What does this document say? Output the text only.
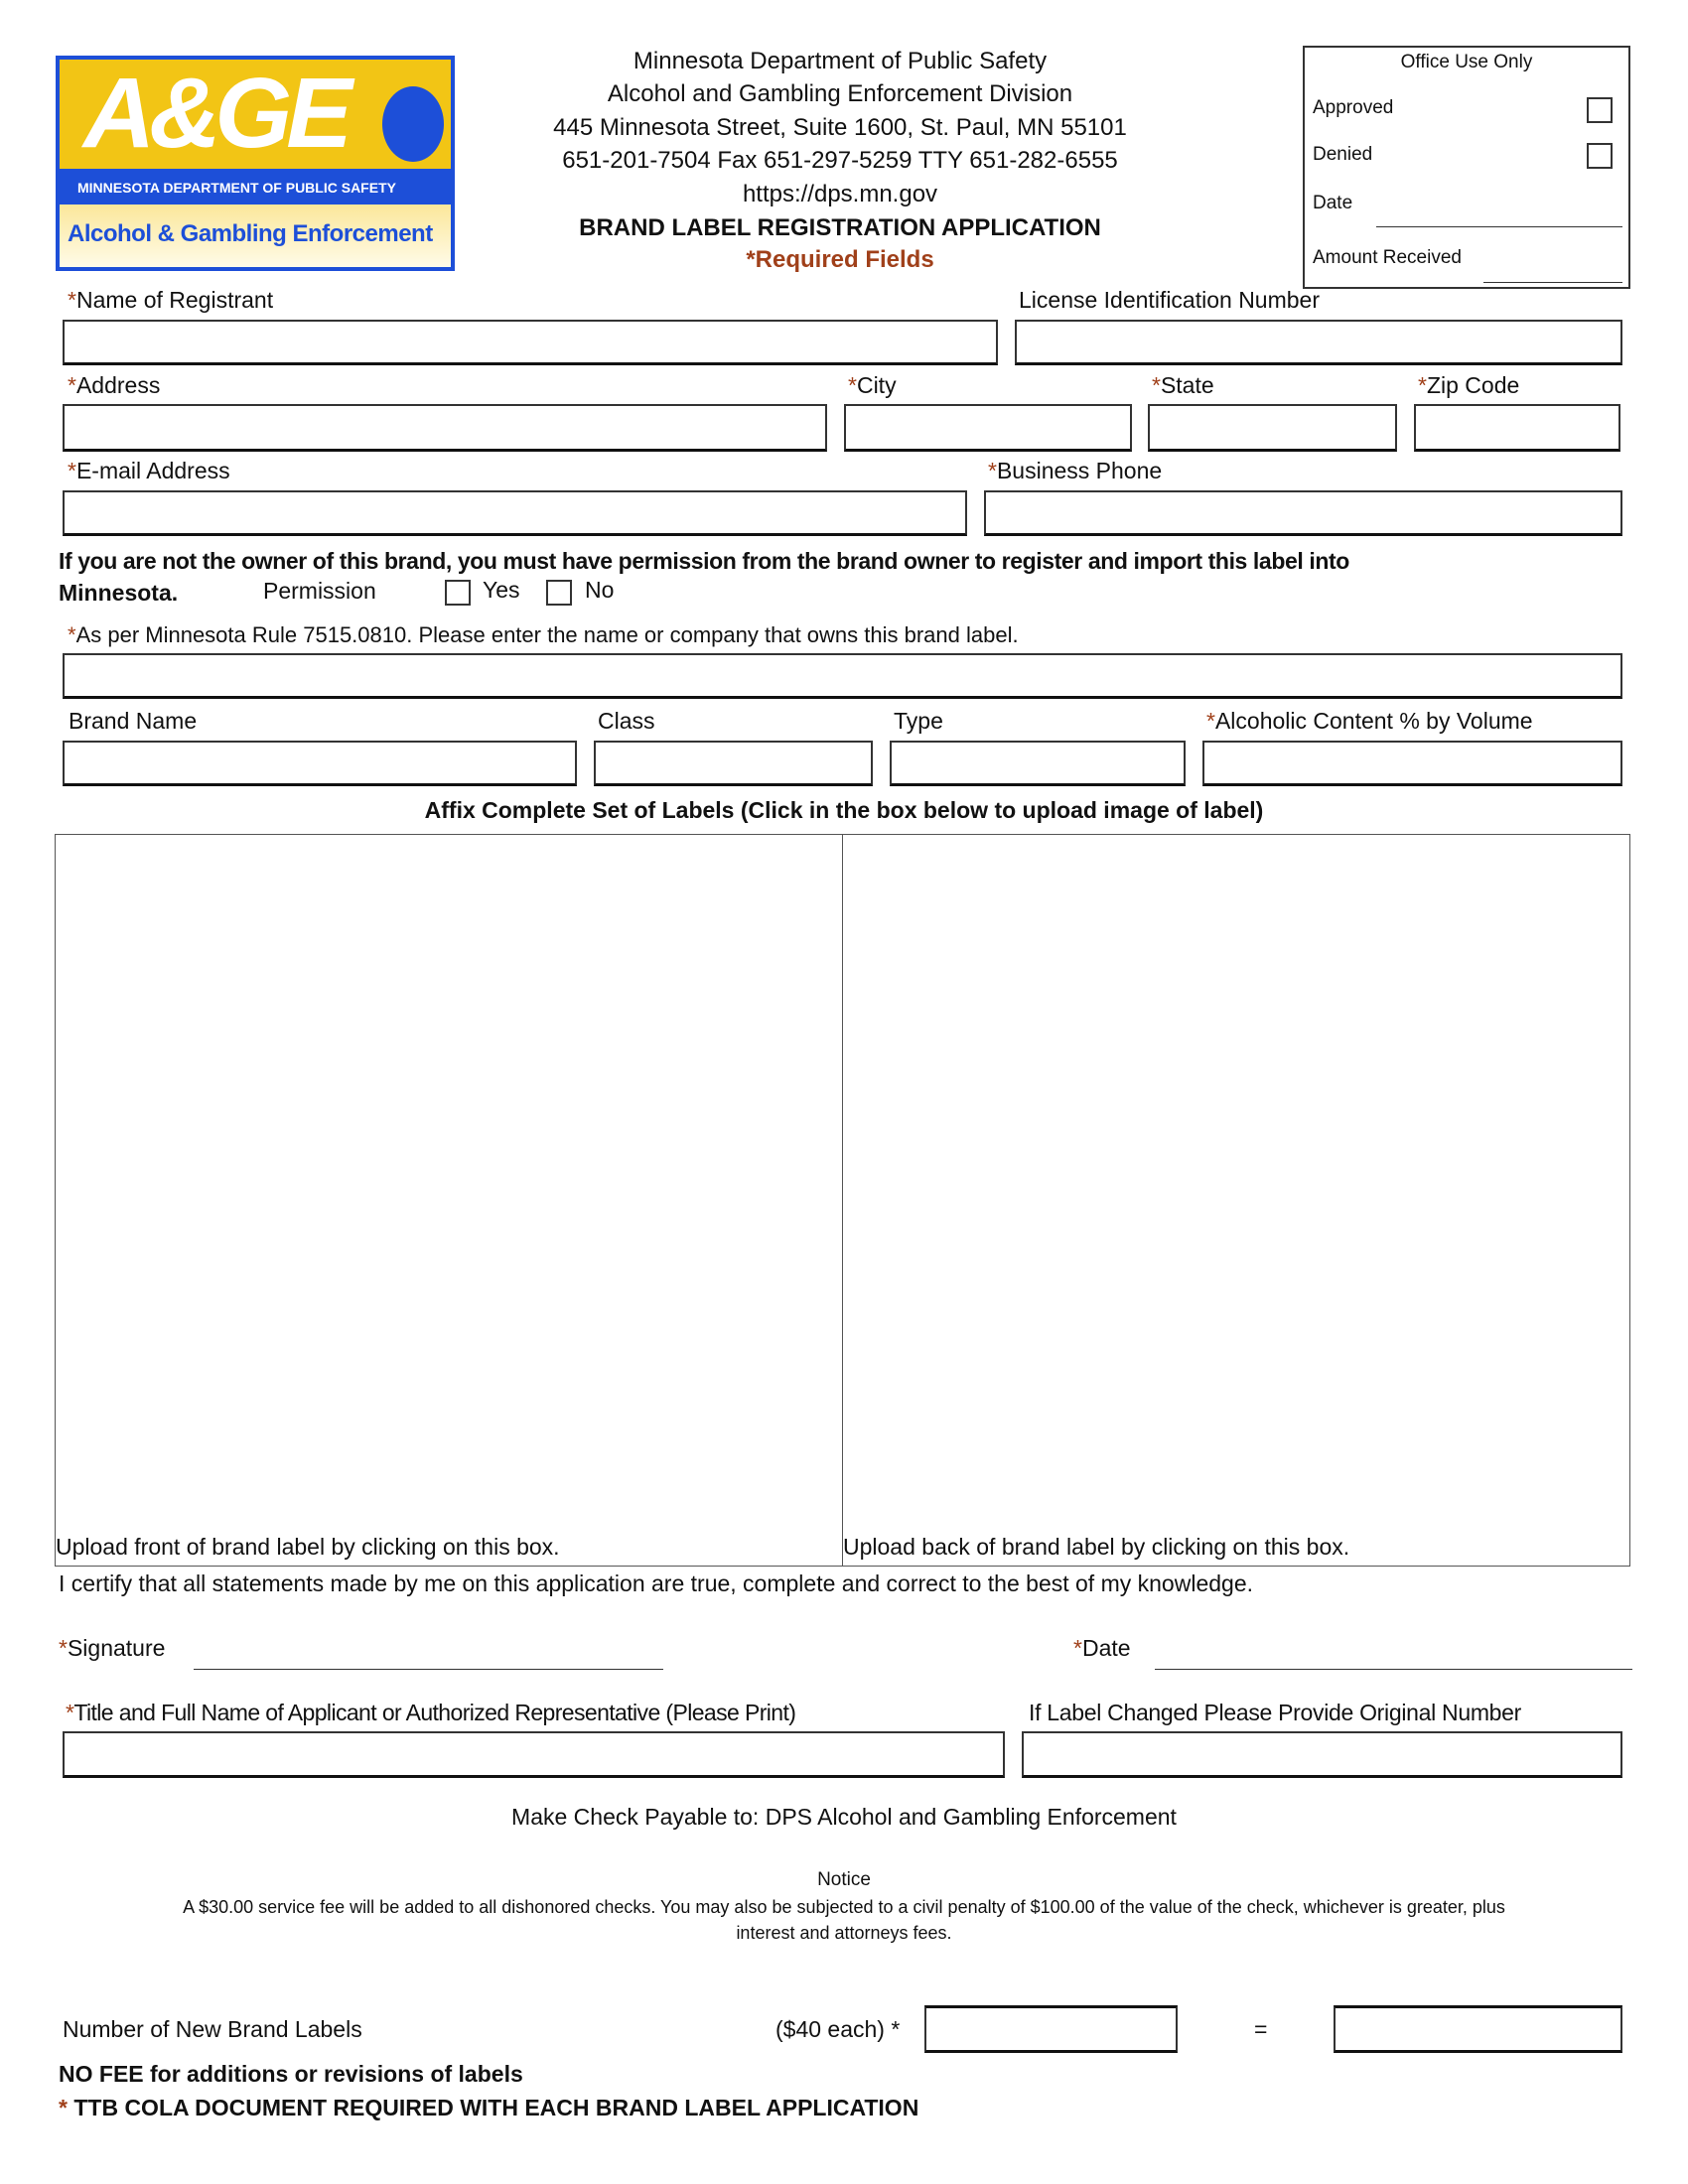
A&GE
MINNESOTA DEPARTMENT OF PUBLIC SAFETY
Alcohol & Gambling Enforcement
Minnesota Department of Public Safety
Alcohol and Gambling Enforcement Division
445 Minnesota Street, Suite 1600, St. Paul, MN 55101
651-201-7504 Fax 651-297-5259 TTY 651-282-6555
https://dps.mn.gov
BRAND LABEL REGISTRATION APPLICATION
*Required Fields
Office Use Only
Approved
Denied
Date
Amount Received
*Name of Registrant	License Identification Number
*Address	*City	*State	*Zip Code
*E-mail Address	*Business Phone
If you are not the owner of this brand, you must have permission from the brand owner to register and import this label into
Minnesota.	Permission	Yes	No
*As per Minnesota Rule 7515.0810. Please enter the name or company that owns this brand label.
Brand Name	Class	Type	*Alcoholic Content % by Volume
Affix Complete Set of Labels (Click in the box below to upload image of label)
Upload front of brand label by clicking on this box.	Upload back of brand label by clicking on this box.
I certify that all statements made by me on this application are true, complete and correct to the best of my knowledge.
*Signature	*Date
*Title and Full Name of Applicant or Authorized Representative (Please Print)	If Label Changed Please Provide Original Number
Make Check Payable to: DPS Alcohol and Gambling Enforcement
Notice
A $30.00 service fee will be added to all dishonored checks. You may also be subjected to a civil penalty of $100.00 of the value of the check, whichever is greater, plus
interest and attorneys fees.
Number of New Brand Labels	($40 each) *	=
NO FEE for additions or revisions of labels
* TTB COLA DOCUMENT REQUIRED WITH EACH BRAND LABEL APPLICATION
